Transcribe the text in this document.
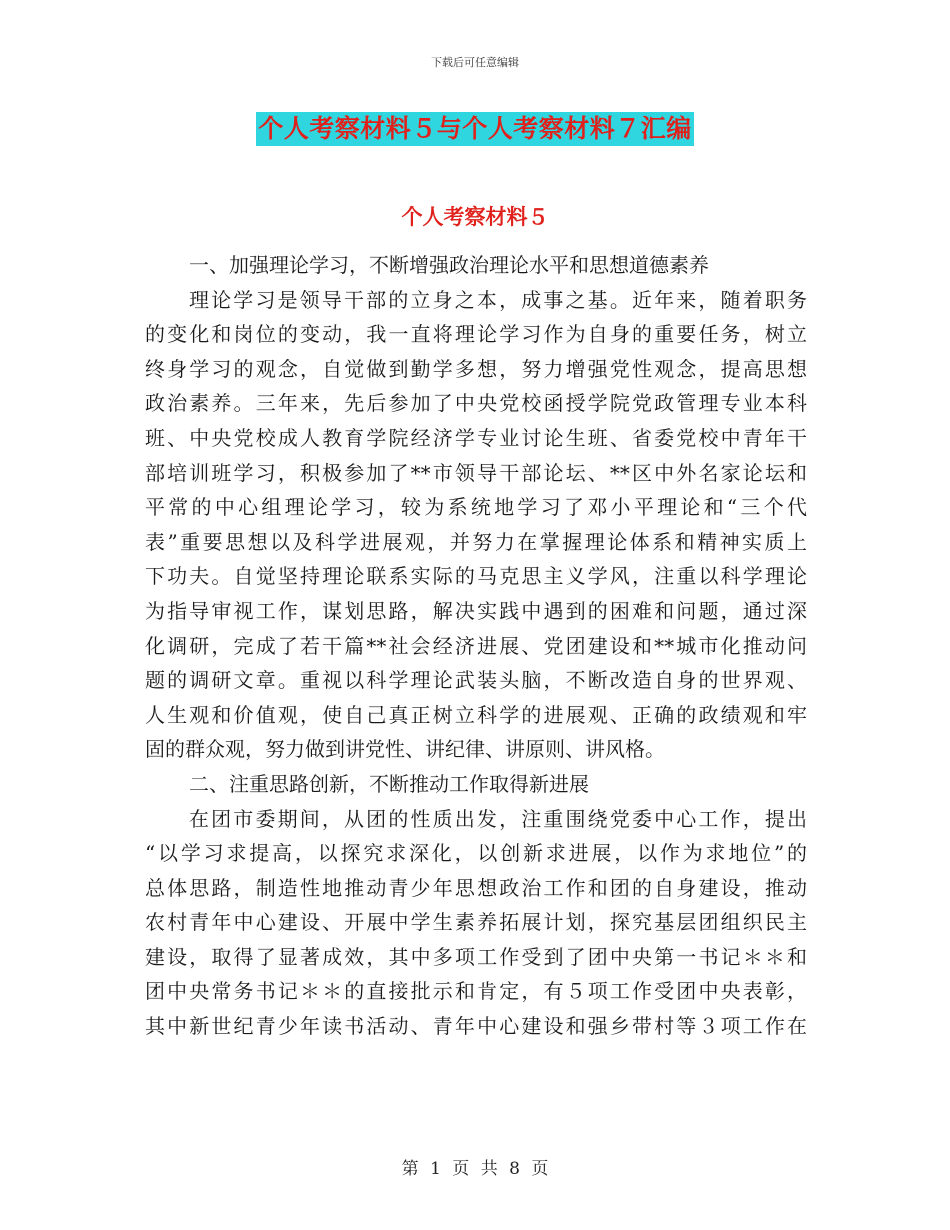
下载后可任意编辑
个人考察材料５与个人考察材料７汇编
个人考察材料５
一、加强理论学习，不断增强政治理论水平和思想道德素养
理论学习是领导干部的立身之本，成事之基。近年来，随着职务
的变化和岗位的变动，我一直将理论学习作为自身的重要任务，树立
终身学习的观念，自觉做到勤学多想，努力增强党性观念，提高思想
政治素养。三年来，先后参加了中央党校函授学院党政管理专业本科
班、中央党校成人教育学院经济学专业讨论生班、省委党校中青年干
部培训班学习，积极参加了**市领导干部论坛、**区中外名家论坛和
平常的中心组理论学习，较为系统地学习了邓小平理论和“三个代
表”重要思想以及科学进展观，并努力在掌握理论体系和精神实质上
下功夫。自觉坚持理论联系实际的马克思主义学风，注重以科学理论
为指导审视工作，谋划思路，解决实践中遇到的困难和问题，通过深
化调研，完成了若干篇**社会经济进展、党团建设和**城市化推动问
题的调研文章。重视以科学理论武装头脑，不断改造自身的世界观、
人生观和价值观，使自己真正树立科学的进展观、正确的政绩观和牢
固的群众观，努力做到讲党性、讲纪律、讲原则、讲风格。
二、注重思路创新，不断推动工作取得新进展
在团市委期间，从团的性质出发，注重围绕党委中心工作，提出
“以学习求提高，以探究求深化，以创新求进展，以作为求地位”的
总体思路，制造性地推动青少年思想政治工作和团的自身建设，推动
农村青年中心建设、开展中学生素养拓展计划，探究基层团组织民主
建设，取得了显著成效，其中多项工作受到了团中央第一书记＊＊和
团中央常务书记＊＊的直接批示和肯定，有５项工作受团中央表彰，
其中新世纪青少年读书活动、青年中心建设和强乡带村等３项工作在
第 1 页 共 8 页
